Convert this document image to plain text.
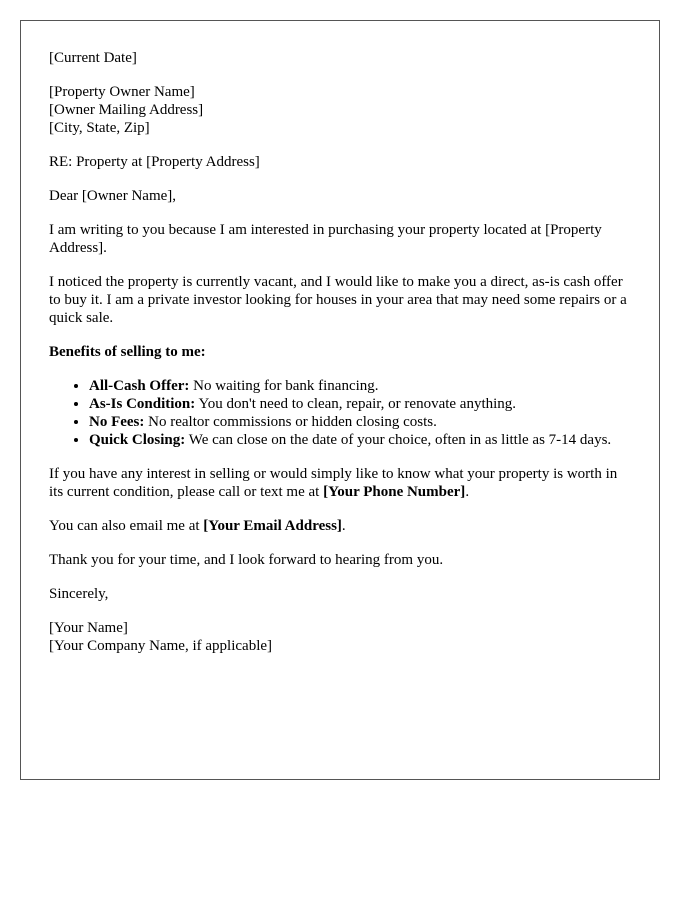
[Current Date]

[Property Owner Name]
[Owner Mailing Address]
[City, State, Zip]

RE: Property at [Property Address]

Dear [Owner Name],

I am writing to you because I am interested in purchasing your property located at [Property Address].

I noticed the property is currently vacant, and I would like to make you a direct, as-is cash offer to buy it. I am a private investor looking for houses in your area that may need some repairs or a quick sale.

Benefits of selling to me:

• All-Cash Offer: No waiting for bank financing.
• As-Is Condition: You don't need to clean, repair, or renovate anything.
• No Fees: No realtor commissions or hidden closing costs.
• Quick Closing: We can close on the date of your choice, often in as little as 7-14 days.

If you have any interest in selling or would simply like to know what your property is worth in its current condition, please call or text me at [Your Phone Number].

You can also email me at [Your Email Address].

Thank you for your time, and I look forward to hearing from you.

Sincerely,

[Your Name]
[Your Company Name, if applicable]
